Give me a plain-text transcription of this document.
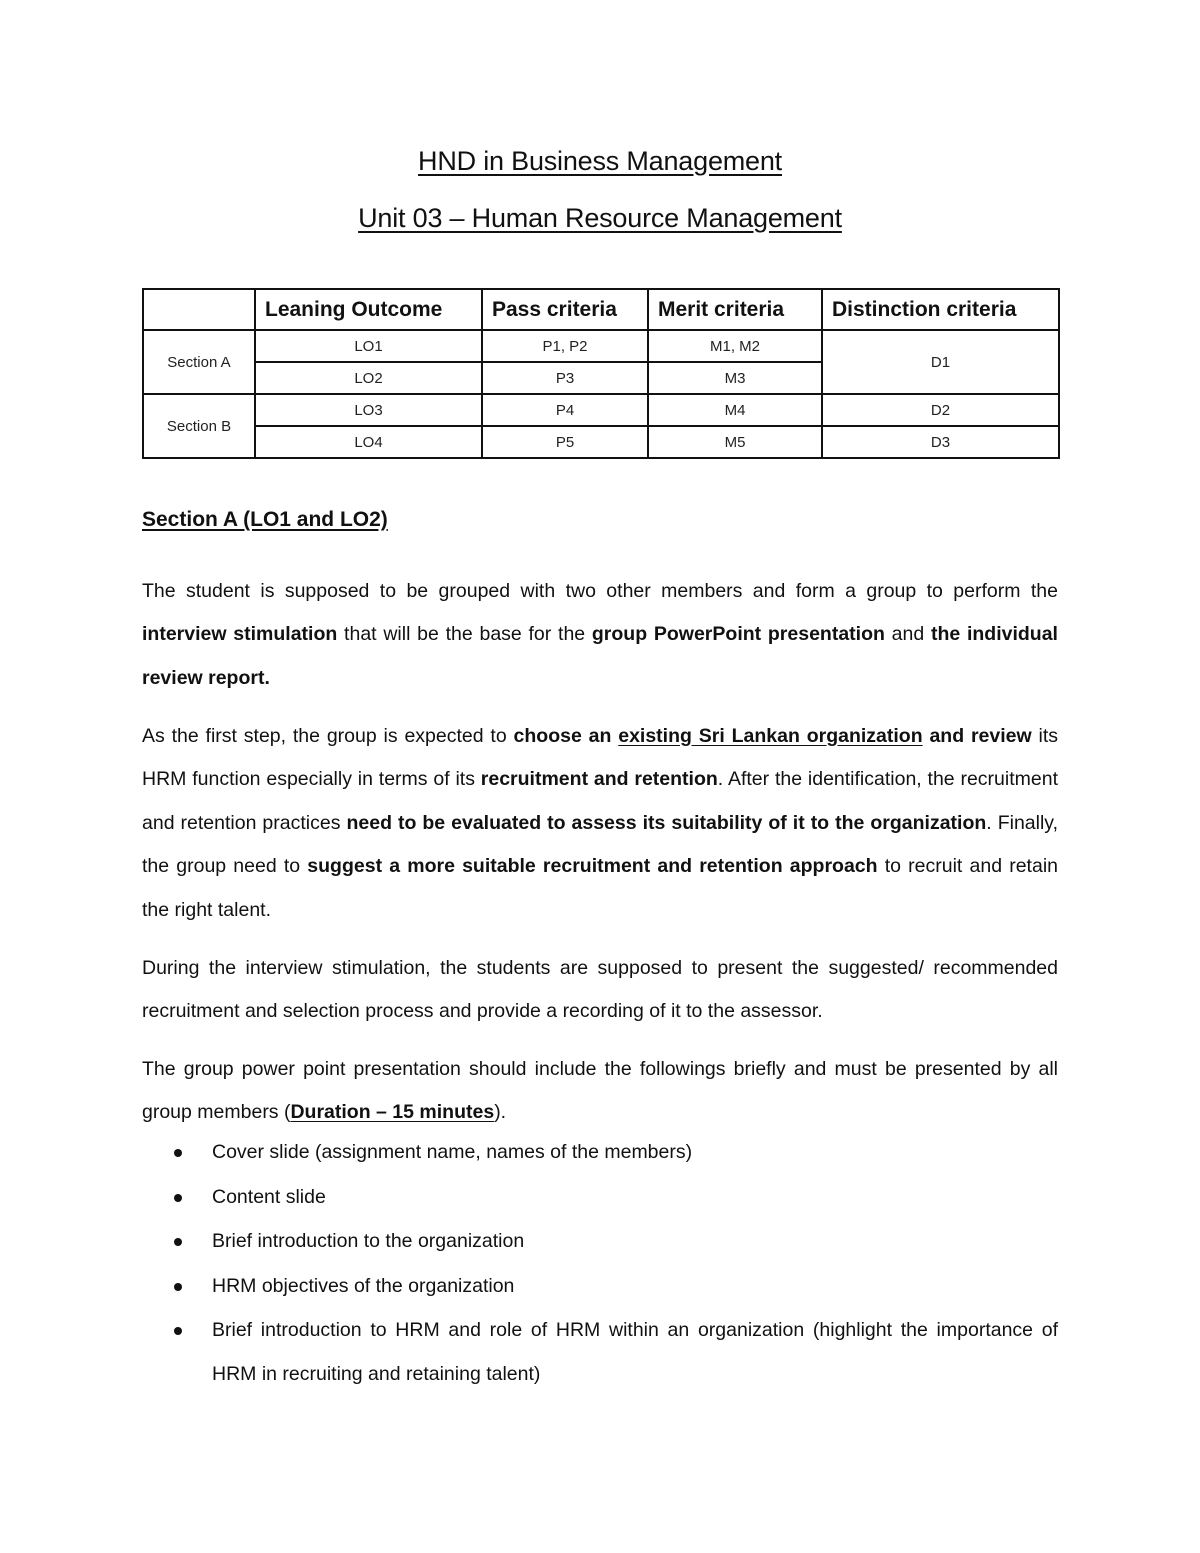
HND in Business Management
Unit 03 – Human Resource Management
	Leaning Outcome	Pass criteria	Merit criteria	Distinction criteria
Section A	LO1	P1, P2	M1, M2	D1
	LO2	P3	M3	
Section B	LO3	P4	M4	D2
	LO4	P5	M5	D3
Section A (LO1 and LO2)

The student is supposed to be grouped with two other members and form a group to perform the interview stimulation that will be the base for the group PowerPoint presentation and the individual review report.

As the first step, the group is expected to choose an existing Sri Lankan organization and review its HRM function especially in terms of its recruitment and retention. After the identification, the recruitment and retention practices need to be evaluated to assess its suitability of it to the organization. Finally, the group need to suggest a more suitable recruitment and retention approach to recruit and retain the right talent.

During the interview stimulation, the students are supposed to present the suggested/ recommended recruitment and selection process and provide a recording of it to the assessor.

The group power point presentation should include the followings briefly and must be presented by all group members (Duration – 15 minutes).

Cover slide (assignment name, names of the members)
Content slide
Brief introduction to the organization
HRM objectives of the organization
Brief introduction to HRM and role of HRM within an organization (highlight the importance of HRM in recruiting and retaining talent)
